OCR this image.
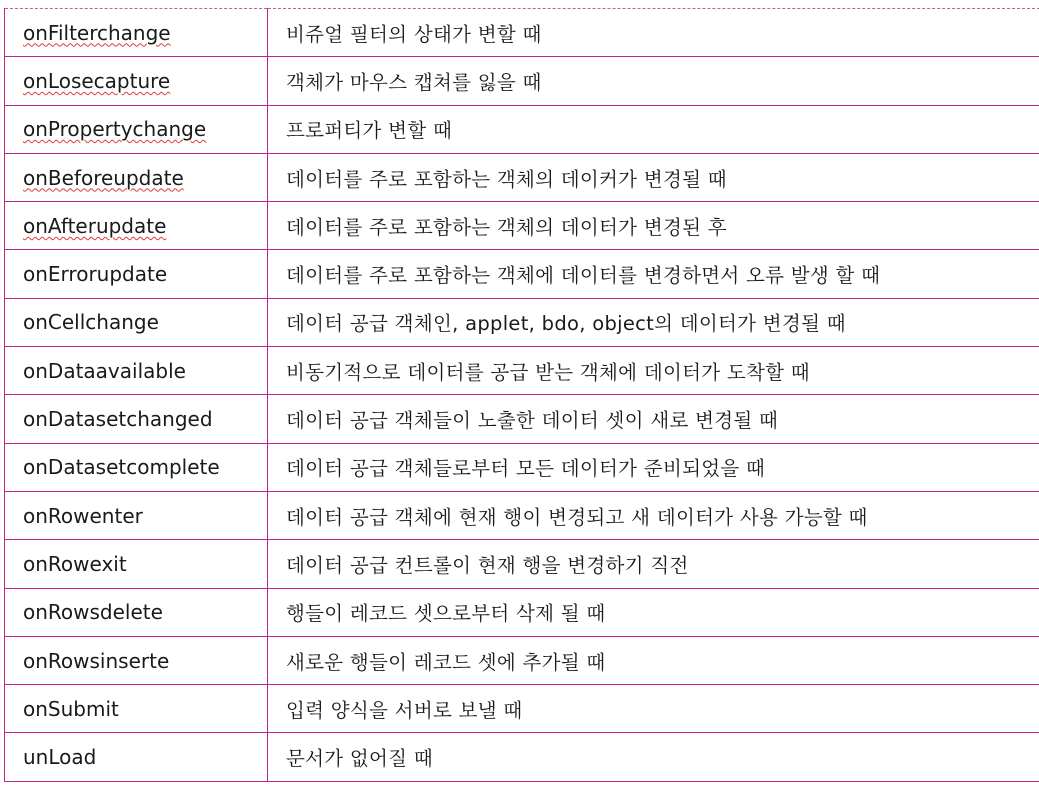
onFilterchange	비쥬얼 필터의 상태가 변할 때
onLosecapture	객체가 마우스 캡쳐를 잃을 때
onPropertychange	프로퍼티가 변할 때
onBeforeupdate	데이터를 주로 포함하는 객체의 데이커가 변경될 때
onAfterupdate	데이터를 주로 포함하는 객체의 데이터가 변경된 후
onErrorupdate	데이터를 주로 포함하는 객체에 데이터를 변경하면서 오류 발생 할 때
onCellchange	데이터 공급 객체인, applet, bdo, object의 데이터가 변경될 때
onDataavailable	비동기적으로 데이터를 공급 받는 객체에 데이터가 도착할 때
onDatasetchanged	데이터 공급 객체들이 노출한 데이터 셋이 새로 변경될 때
onDatasetcomplete	데이터 공급 객체들로부터 모든 데이터가 준비되었을 때
onRowenter	데이터 공급 객체에 현재 행이 변경되고 새 데이터가 사용 가능할 때
onRowexit	데이터 공급 컨트롤이 현재 행을 변경하기 직전
onRowsdelete	행들이 레코드 셋으로부터 삭제 될 때
onRowsinserte	새로운 행들이 레코드 셋에 추가될 때
onSubmit	입력 양식을 서버로 보낼 때
unLoad	문서가 없어질 때
